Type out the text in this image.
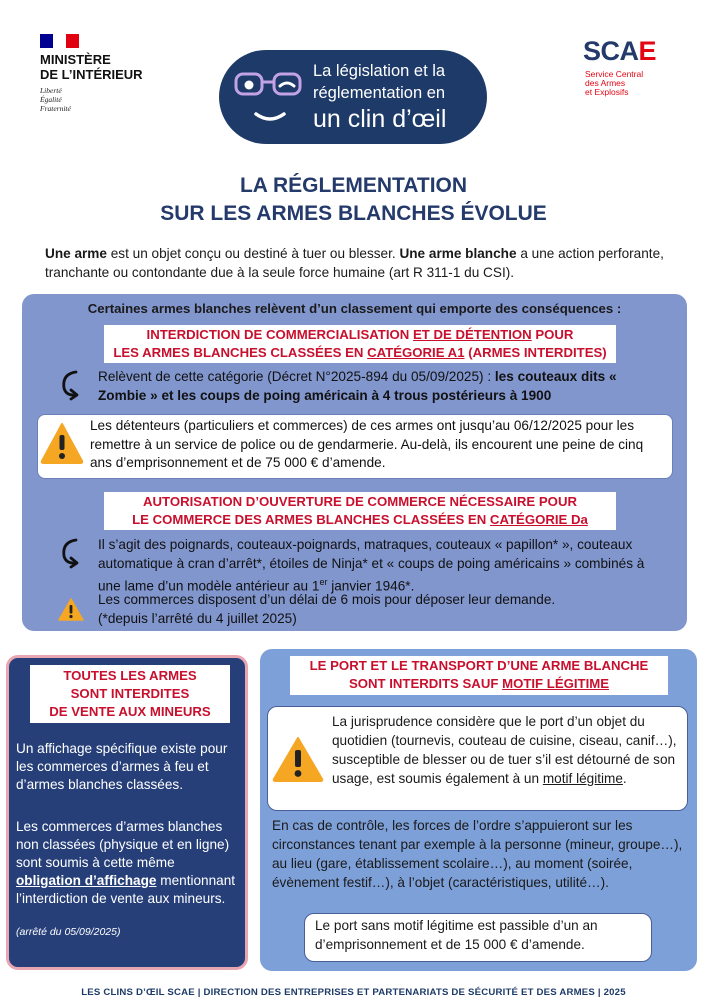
MINISTÈRE
DE L’INTÉRIEUR
Liberté
Égalité
Fraternité
La législation et la
réglementation en
un clin d’œil
SCAE
Service Central
des Armes
et Explosifs
LA RÉGLEMENTATION
SUR LES ARMES BLANCHES ÉVOLUE
Une arme est un objet conçu ou destiné à tuer ou blesser. Une arme blanche a une action perforante, tranchante ou contondante due à la seule force humaine (art R 311-1 du CSI).
Certaines armes blanches relèvent d’un classement qui emporte des conséquences :
INTERDICTION DE COMMERCIALISATION ET DE DÉTENTION POUR
LES ARMES BLANCHES CLASSÉES EN CATÉGORIE A1 (ARMES INTERDITES)
Relèvent de cette catégorie (Décret N°2025-894 du 05/09/2025) : les couteaux dits « Zombie » et les coups de poing américain à 4 trous postérieurs à 1900
Les détenteurs (particuliers et commerces) de ces armes ont jusqu’au 06/12/2025 pour les remettre à un service de police ou de gendarmerie. Au-delà, ils encourent une peine de cinq ans d’emprisonnement et de 75 000 € d’amende.
AUTORISATION D’OUVERTURE DE COMMERCE NÉCESSAIRE POUR
LE COMMERCE DES ARMES BLANCHES CLASSÉES EN CATÉGORIE Da
Il s’agit des poignards, couteaux-poignards, matraques, couteaux « papillon* », couteaux automatique à cran d’arrêt*, étoiles de Ninja* et « coups de poing américains » combinés à une lame d’un modèle antérieur au 1er janvier 1946*.
Les commerces disposent d’un délai de 6 mois pour déposer leur demande.
(*depuis l’arrêté du 4 juillet 2025)
TOUTES LES ARMES
SONT INTERDITES
DE VENTE AUX MINEURS
Un affichage spécifique existe pour les commerces d’armes à feu et d’armes blanches classées.
Les commerces d’armes blanches non classées (physique et en ligne) sont soumis à cette même obligation d’affichage mentionnant l’interdiction de vente aux mineurs.
(arrêté du 05/09/2025)
LE PORT ET LE TRANSPORT D’UNE ARME BLANCHE
SONT INTERDITS SAUF MOTIF LÉGITIME
La jurisprudence considère que le port d’un objet du quotidien (tournevis, couteau de cuisine, ciseau, canif…), susceptible de blesser ou de tuer s’il est détourné de son usage, est soumis également à un motif légitime.
En cas de contrôle, les forces de l’ordre s’appuieront sur les circonstances tenant par exemple à la personne (mineur, groupe…), au lieu (gare, établissement scolaire…), au moment (soirée, évènement festif…), à l’objet (caractéristiques, utilité…).
Le port sans motif légitime est passible d’un an d’emprisonnement et de 15 000 € d’amende.
LES CLINS D’ŒIL SCAE | DIRECTION DES ENTREPRISES ET PARTENARIATS DE SÉCURITÉ ET DES ARMES | 2025
